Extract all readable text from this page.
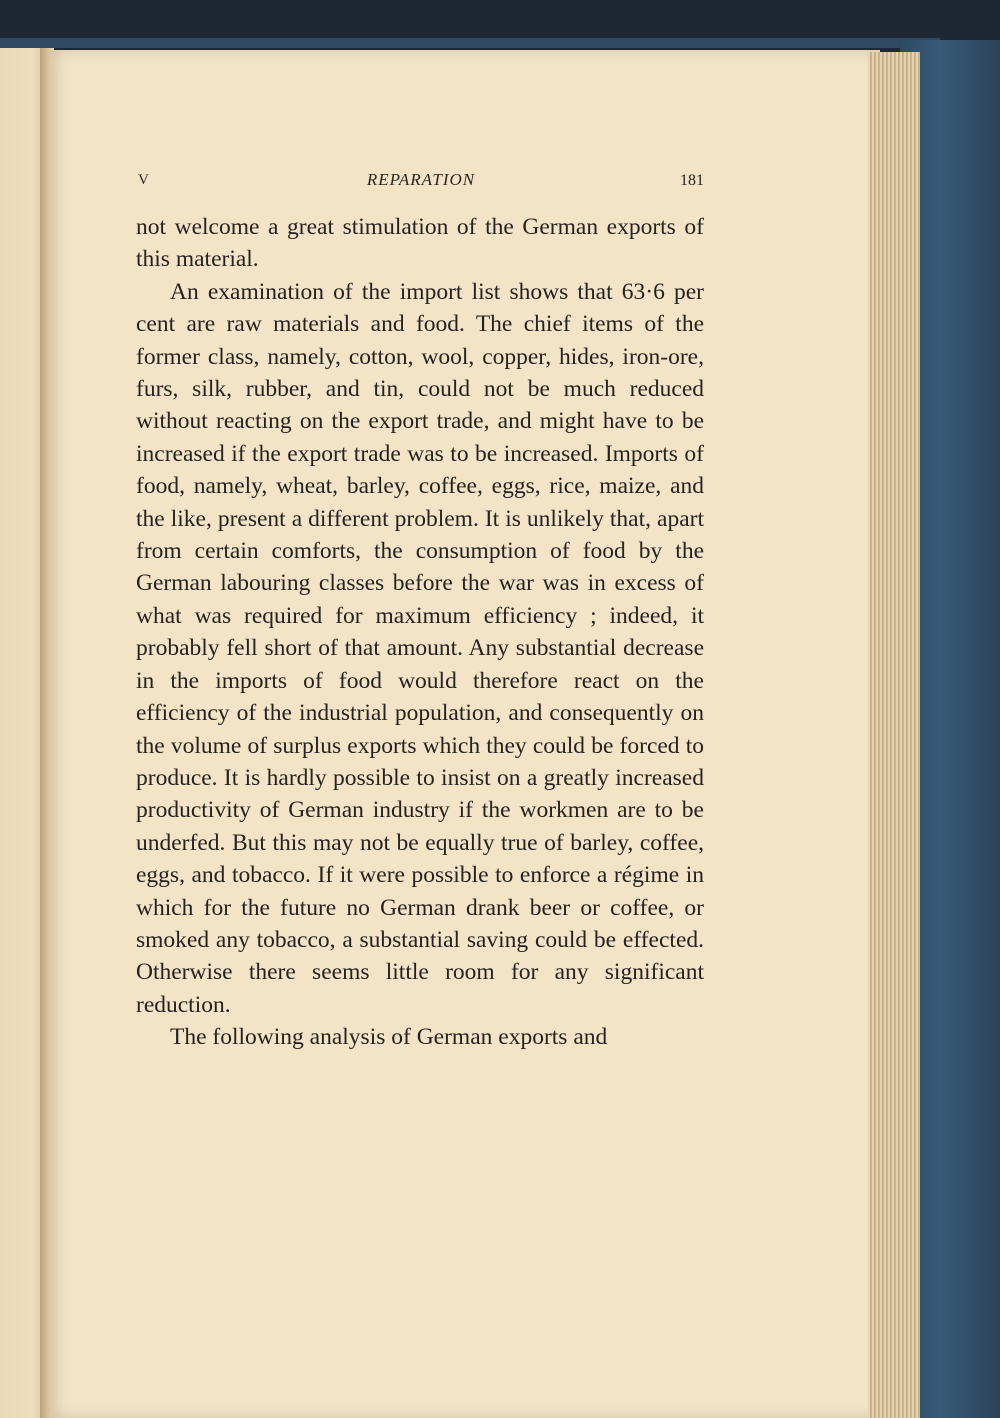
V	REPARATION	181

not welcome a great stimulation of the German exports of this material.

An examination of the import list shows that 63·6 per cent are raw materials and food. The chief items of the former class, namely, cotton, wool, copper, hides, iron-ore, furs, silk, rubber, and tin, could not be much reduced without reacting on the export trade, and might have to be increased if the export trade was to be increased. Imports of food, namely, wheat, barley, coffee, eggs, rice, maize, and the like, present a different problem. It is unlikely that, apart from certain comforts, the consumption of food by the German labouring classes before the war was in excess of what was required for maximum efficiency ; indeed, it probably fell short of that amount. Any substantial decrease in the imports of food would therefore react on the efficiency of the industrial population, and consequently on the volume of surplus exports which they could be forced to produce. It is hardly possible to insist on a greatly increased productivity of German industry if the workmen are to be underfed. But this may not be equally true of barley, coffee, eggs, and tobacco. If it were possible to enforce a régime in which for the future no German drank beer or coffee, or smoked any tobacco, a substantial saving could be effected. Otherwise there seems little room for any significant reduction.

The following analysis of German exports and
